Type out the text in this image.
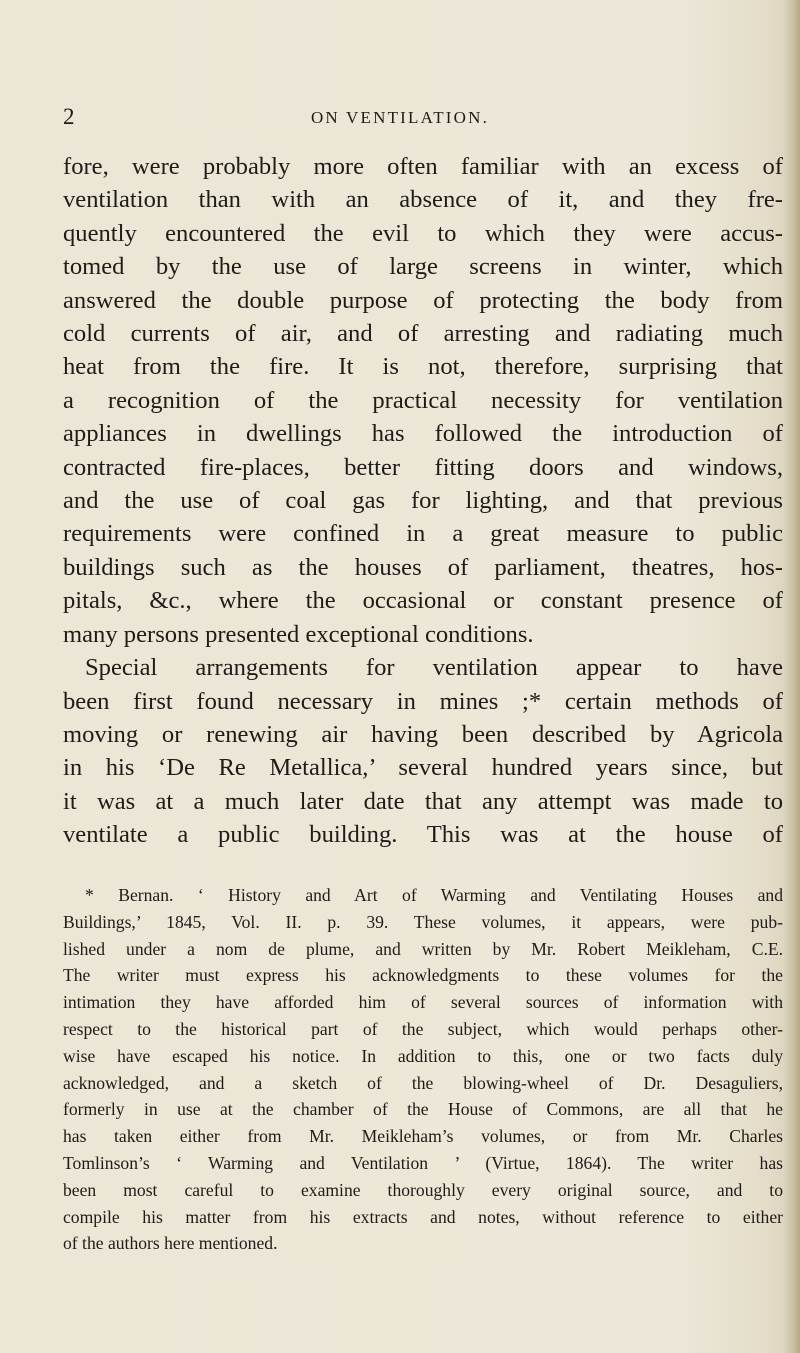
2	ON VENTILATION.
fore, were probably more often familiar with an excess of
ventilation than with an absence of it, and they fre-
quently encountered the evil to which they were accus-
tomed by the use of large screens in winter, which
answered the double purpose of protecting the body from
cold currents of air, and of arresting and radiating much
heat from the fire. It is not, therefore, surprising that
a recognition of the practical necessity for ventilation
appliances in dwellings has followed the introduction of
contracted fire-places, better fitting doors and windows,
and the use of coal gas for lighting, and that previous
requirements were confined in a great measure to public
buildings such as the houses of parliament, theatres, hos-
pitals, &c., where the occasional or constant presence of
many persons presented exceptional conditions.
Special arrangements for ventilation appear to have
been first found necessary in mines ;* certain methods of
moving or renewing air having been described by Agricola
in his ‘De Re Metallica,’ several hundred years since, but
it was at a much later date that any attempt was made to
ventilate a public building. This was at the house of
* Bernan. ‘ History and Art of Warming and Ventilating Houses and
Buildings,’ 1845, Vol. II. p. 39. These volumes, it appears, were pub-
lished under a nom de plume, and written by Mr. Robert Meikleham, C.E.
The writer must express his acknowledgments to these volumes for the
intimation they have afforded him of several sources of information with
respect to the historical part of the subject, which would perhaps other-
wise have escaped his notice. In addition to this, one or two facts duly
acknowledged, and a sketch of the blowing-wheel of Dr. Desaguliers,
formerly in use at the chamber of the House of Commons, are all that he
has taken either from Mr. Meikleham’s volumes, or from Mr. Charles
Tomlinson’s ‘ Warming and Ventilation ’ (Virtue, 1864). The writer has
been most careful to examine thoroughly every original source, and to
compile his matter from his extracts and notes, without reference to either
of the authors here mentioned.
